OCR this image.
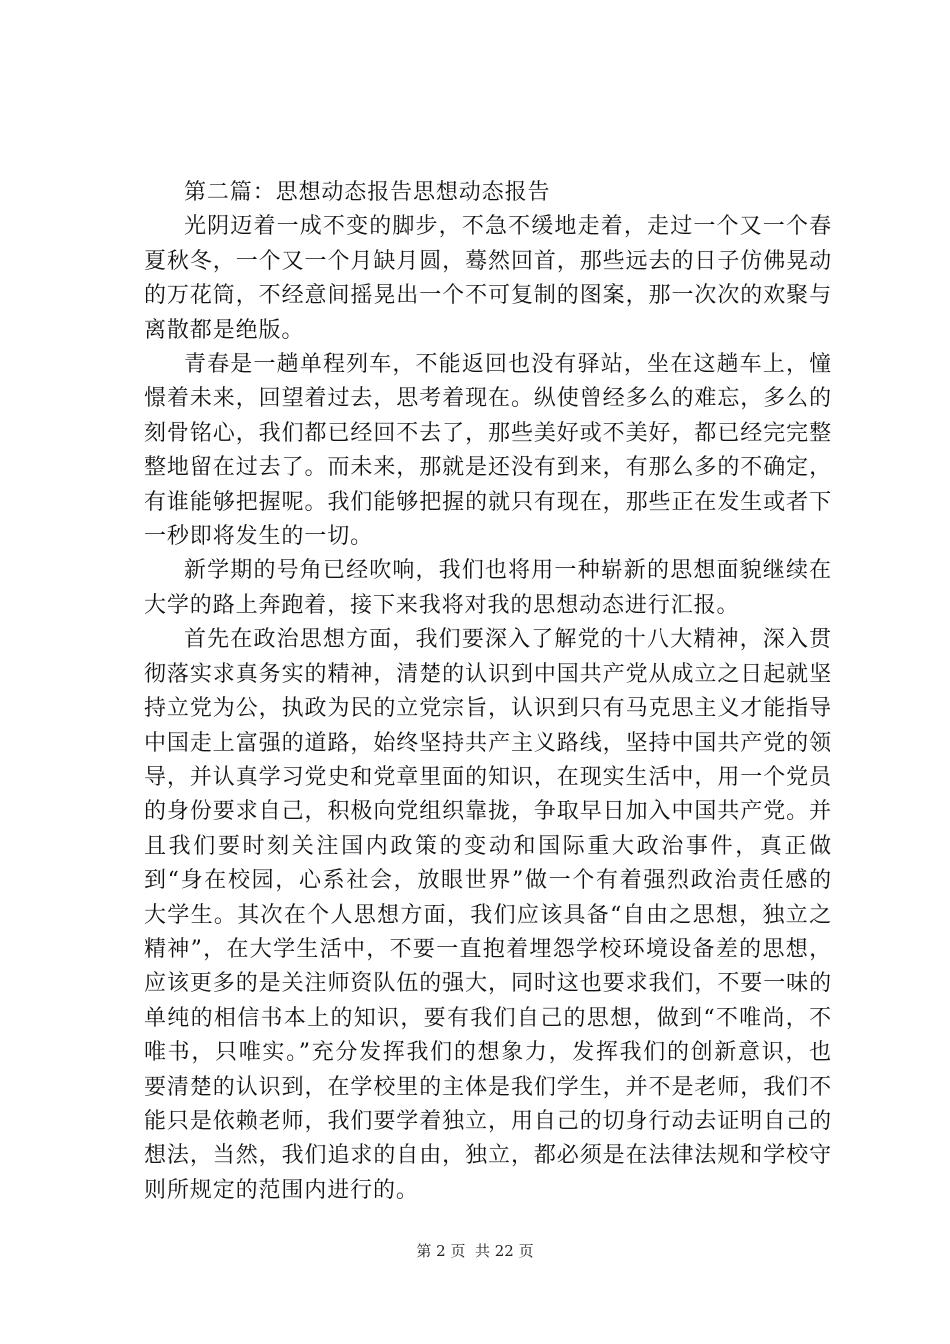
第二篇：思想动态报告思想动态报告

光阴迈着一成不变的脚步，不急不缓地走着，走过一个又一个春夏秋冬，一个又一个月缺月圆，蓦然回首，那些远去的日子仿佛晃动的万花筒，不经意间摇晃出一个不可复制的图案，那一次次的欢聚与离散都是绝版。

青春是一趟单程列车，不能返回也没有驿站，坐在这趟车上，憧憬着未来，回望着过去，思考着现在。纵使曾经多么的难忘，多么的刻骨铭心，我们都已经回不去了，那些美好或不美好，都已经完完整整地留在过去了。而未来，那就是还没有到来，有那么多的不确定，有谁能够把握呢。我们能够把握的就只有现在，那些正在发生或者下一秒即将发生的一切。

新学期的号角已经吹响，我们也将用一种崭新的思想面貌继续在大学的路上奔跑着，接下来我将对我的思想动态进行汇报。

首先在政治思想方面，我们要深入了解党的十八大精神，深入贯彻落实求真务实的精神，清楚的认识到中国共产党从成立之日起就坚持立党为公，执政为民的立党宗旨，认识到只有马克思主义才能指导中国走上富强的道路，始终坚持共产主义路线，坚持中国共产党的领导，并认真学习党史和党章里面的知识，在现实生活中，用一个党员的身份要求自己，积极向党组织靠拢，争取早日加入中国共产党。并且我们要时刻关注国内政策的变动和国际重大政治事件，真正做到“身在校园，心系社会，放眼世界”做一个有着强烈政治责任感的大学生。其次在个人思想方面，我们应该具备“自由之思想，独立之精神”，在大学生活中，不要一直抱着埋怨学校环境设备差的思想，应该更多的是关注师资队伍的强大，同时这也要求我们，不要一味的单纯的相信书本上的知识，要有我们自己的思想，做到“不唯尚，不唯书，只唯实。”充分发挥我们的想象力，发挥我们的创新意识，也要清楚的认识到，在学校里的主体是我们学生，并不是老师，我们不能只是依赖老师，我们要学着独立，用自己的切身行动去证明自己的想法，当然，我们追求的自由，独立，都必须是在法律法规和学校守则所规定的范围内进行的。

第 2 页  共 22 页
